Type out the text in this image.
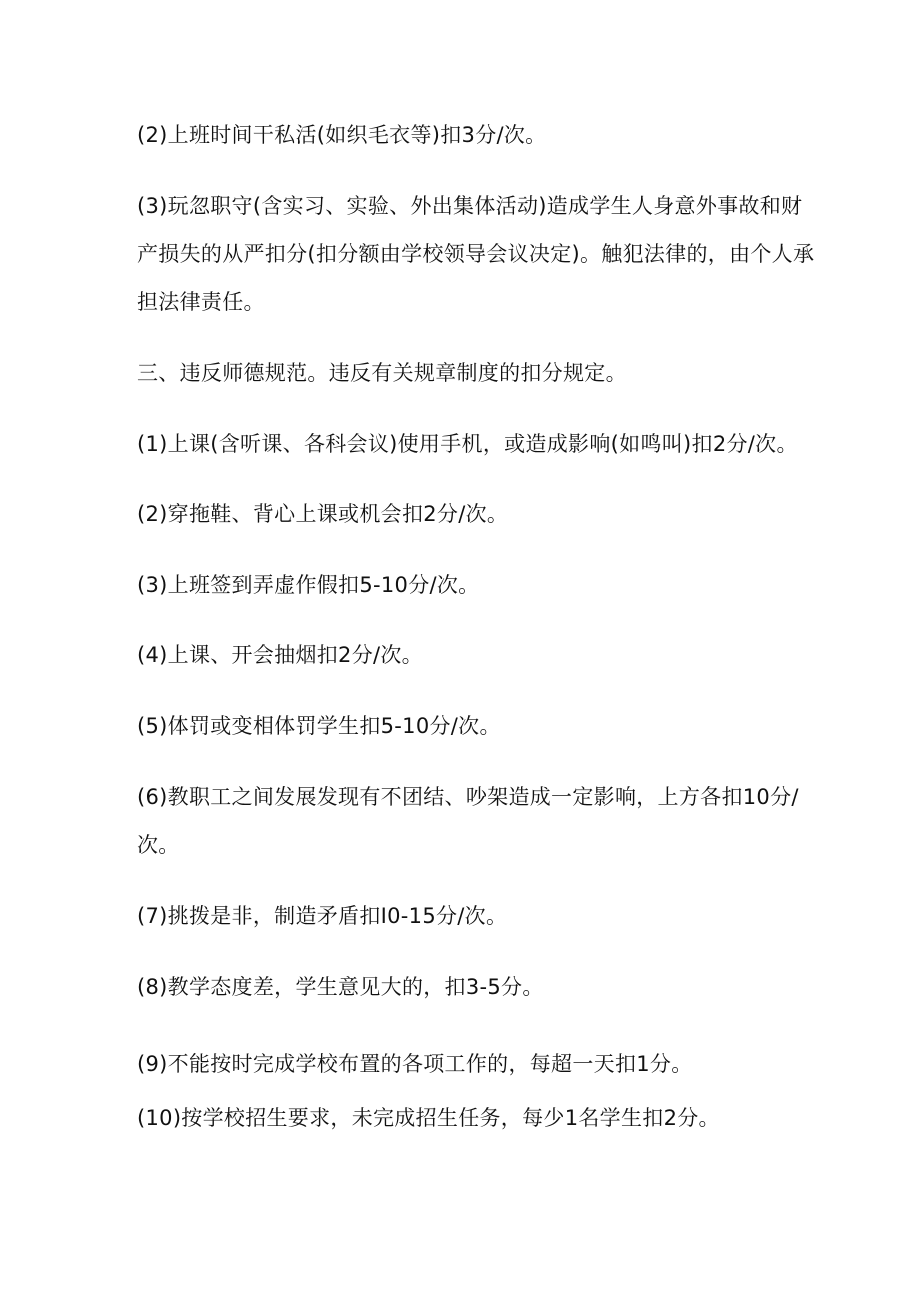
(2)上班时间干私活(如织毛衣等)扣3分/次。
(3)玩忽职守(含实习、实验、外出集体活动)造成学生人身意外事故和财
产损失的从严扣分(扣分额由学校领导会议决定)。触犯法律的，由个人承
担法律责任。
三、违反师德规范。违反有关规章制度的扣分规定。
(1)上课(含听课、各科会议)使用手机，或造成影响(如鸣叫)扣2分/次。
(2)穿拖鞋、背心上课或机会扣2分/次。
(3)上班签到弄虚作假扣5-10分/次。
(4)上课、开会抽烟扣2分/次。
(5)体罚或变相体罚学生扣5-10分/次。
(6)教职工之间发展发现有不团结、吵架造成一定影响，上方各扣10分/
次。
(7)挑拨是非，制造矛盾扣I0-15分/次。
(8)教学态度差，学生意见大的，扣3-5分。
(9)不能按时完成学校布置的各项工作的，每超一天扣1分。
(10)按学校招生要求，未完成招生任务，每少1名学生扣2分。
